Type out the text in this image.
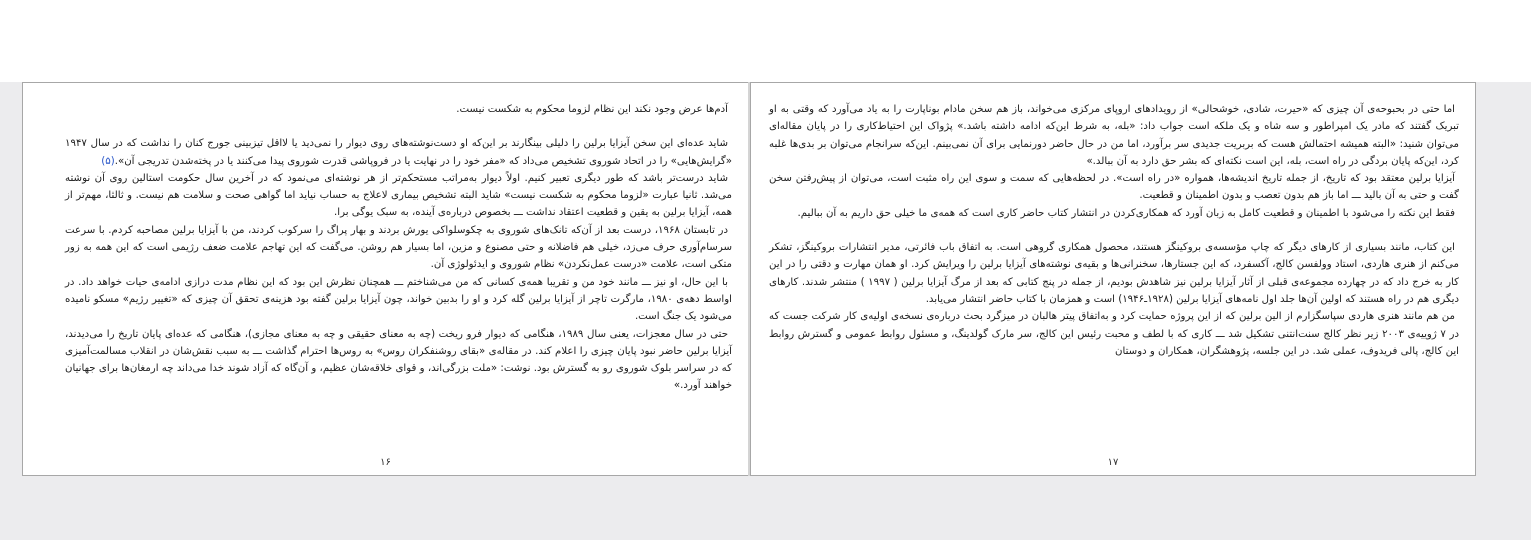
آدم‌ها عرض وجود نکند این نظام لزوما محکوم به شکست نیست.

شاید عده‌ای این سخن آیزایا برلین را دلیلی بینگارند بر این‌که او دست‌نوشته‌های روی دیوار را نمی‌دید یا لااقل تیزبینی جورج کنان را نداشت که در سال ۱۹۴۷ «گرایش‌هایی» را در اتحاد شوروی تشخیص می‌داد که «مفر خود را در نهایت یا در فروپاشی قدرت شوروی پیدا می‌کنند یا در پخته‌شدن تدریجی آن».(۵)

شاید درست‌تر باشد که طور دیگری تعبیر کنیم. اولاً دیوار به‌مراتب مستحکم‌تر از هر نوشته‌ای می‌نمود که در آخرین سال حکومت استالین روی آن نوشته می‌شد. ثانیا عبارت «لزوما محکوم به شکست نیست» شاید البته تشخیص بیماری لاعلاج به حساب نیاید اما گواهی صحت و سلامت هم نیست. و ثالثا، مهم‌تر از همه، آیزایا برلین به یقین و قطعیت اعتقاد نداشت ـــ بخصوص درباره‌ی آینده، به سبک یوگی برا.

در تابستان ۱۹۶۸، درست بعد از آن‌که تانک‌های شوروی به چکوسلواکی یورش بردند و بهار پراگ را سرکوب کردند، من با آیزایا برلین مصاحبه کردم. با سرعت سرسام‌آوری حرف می‌زد، خیلی هم فاضلانه و حتی مصنوع و مزین، اما بسیار هم روشن. می‌گفت که این تهاجم علامت ضعف رژیمی است که این همه به زور متکی است، علامت «درست عمل‌نکردن» نظام شوروی و ایدئولوژی آن.

با این حال، او نیز ـــ مانند خود من و تقریبا همه‌ی کسانی که من می‌شناختم ـــ همچنان نظرش این بود که این نظام مدت درازی ادامه‌ی حیات خواهد داد. در اواسط دهه‌ی ۱۹۸۰، مارگرت تاچر از آیزایا برلین گله کرد و او را بدبین خواند، چون آیزایا برلین گفته بود هزینه‌ی تحقق آن چیزی که «تغییر رژیم» مسکو نامیده می‌شود یک جنگ است.

حتی در سال معجزات، یعنی سال ۱۹۸۹، هنگامی که دیوار فرو ریخت (چه به معنای حقیقی و چه به معنای مجازی)، هنگامی که عده‌ای پایان تاریخ را می‌دیدند، آیزایا برلین حاضر نبود پایان چیزی را اعلام کند. در مقاله‌ی «بقای روشنفکران روس» به روس‌ها احترام گذاشت ـــ به سبب نقش‌شان در انقلاب مسالمت‌آمیزی که در سراسر بلوک شوروی رو به گسترش بود. نوشت: «ملت بزرگی‌اند، و قوای خلاقه‌شان عظیم، و آن‌گاه که آزاد شوند خدا می‌داند چه ارمغان‌ها برای جهانیان خواهند آورد.»

۱۶

اما حتی در بحبوحه‌ی آن چیزی که «حیرت، شادی، خوشحالی» از رویدادهای اروپای مرکزی می‌خواند، باز هم سخن مادام بوناپارت را به یاد می‌آورد که وقتی به او تبریک گفتند که مادر یک امپراطور و سه شاه و یک ملکه است جواب داد: «بله، به شرط این‌که ادامه داشته باشد.» پژواک این احتیاط‌کاری را در پایان مقاله‌ای می‌توان شنید: «البته همیشه احتمالش هست که بربریت جدیدی سر برآورد، اما من در حال حاضر دورنمایی برای آن نمی‌بینم. این‌که سرانجام می‌توان بر بدی‌ها غلبه کرد، این‌که پایان بردگی در راه است، بله، این است نکته‌ای که بشر حق دارد به آن ببالد.»

آیزایا برلین معتقد بود که تاریخ، از جمله تاریخ اندیشه‌ها، همواره «در راه است». در لحظه‌هایی که سمت و سوی این راه مثبت است، می‌توان از پیش‌رفتن سخن گفت و حتی به آن بالید ـــ اما باز هم بدون تعصب و بدون اطمینان و قطعیت.

فقط این نکته را می‌شود با اطمینان و قطعیت کامل به زبان آورد که همکاری‌کردن در انتشار کتاب حاضر کاری است که همه‌ی ما خیلی حق داریم به آن ببالیم.

این کتاب، مانند بسیاری از کارهای دیگر که چاپ مؤسسه‌ی بروکینگز هستند، محصول همکاری گروهی است. به اتفاق باب فائرتی، مدیر انتشارات بروکینگز، تشکر می‌کنم از هنری هاردی، استاد وولفسن کالج، آکسفرد، که این جستارها، سخنرانی‌ها و بقیه‌ی نوشته‌های آیزایا برلین را ویرایش کرد. او همان مهارت و دقتی را در این کار به خرج داد که در چهارده مجموعه‌ی قبلی از آثار آیزایا برلین نیز شاهدش بودیم، از جمله در پنج کتابی که بعد از مرگ آیزایا برلین ( ۱۹۹۷ ) منتشر شدند. کارهای دیگری هم در راه هستند که اولین آن‌ها جلد اول نامه‌های آیزایا برلین (۱۹۲۸ـ۱۹۴۶) است و همزمان با کتاب حاضر انتشار می‌یابد.

من هم مانند هنری هاردی سپاسگزارم از الین برلین که از این پروژه حمایت کرد و به‌اتفاق پیتر هالبان در میزگرد بحث درباره‌ی نسخه‌ی اولیه‌ی کار شرکت جست که در ۷ ژوییه‌ی ۲۰۰۳ زیر نظر کالج سنت‌انتنی تشکیل شد ـــ کاری که با لطف و محبت رئیس این کالج، سر مارک گولدینگ، و مسئول روابط عمومی و گسترش روابط این کالج، پالی فریدوف، عملی شد. در این جلسه، پژوهشگران، همکاران و دوستان

۱۷
